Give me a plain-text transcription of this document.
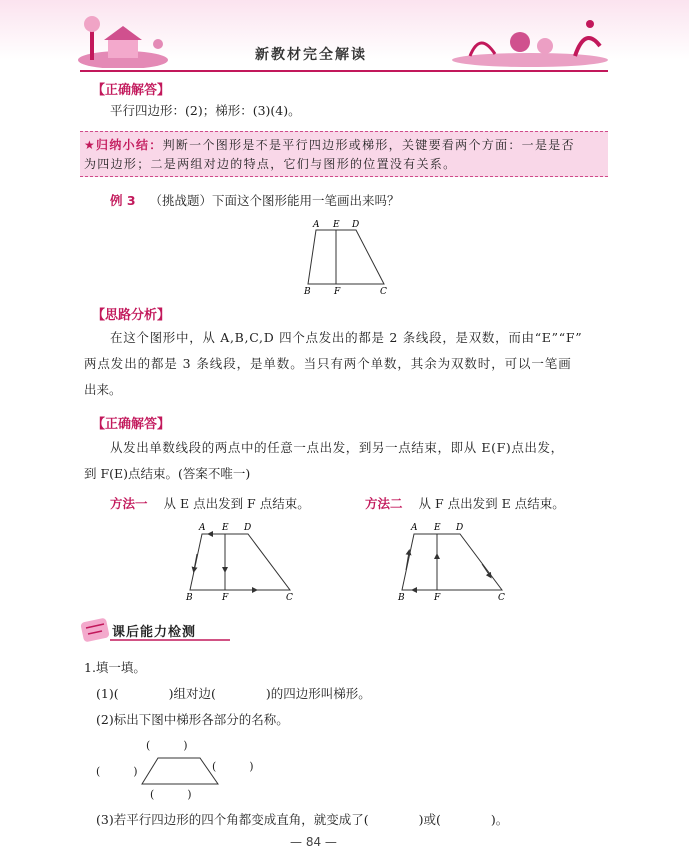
新教材完全解读
【正确解答】
平行四边形：(2)；梯形：(3)(4)。
★归纳小结：判断一个图形是不是平行四边形或梯形，关键要看两个方面：一是是否
为四边形；二是两组对边的特点，它们与图形的位置没有关系。
例 3 （挑战题）下面这个图形能用一笔画出来吗？
A E D
B	F	C
【思路分析】
在这个图形中，从 A,B,C,D 四个点发出的都是 2 条线段，是双数，而由“E”“F”
两点发出的都是 3 条线段，是单数。当只有两个单数，其余为双数时，可以一笔画
出来。
【正确解答】
从发出单数线段的两点中的任意一点出发，到另一点结束，即从 E(F)点出发，
到 F(E)点结束。(答案不唯一)
方法一 从 E 点出发到 F 点结束。	方法二 从 F 点出发到 E 点结束。
A E D
B	F	C
A E D
B	F	C
课后能力检测
1.填一填。
(1)(　　　　)组对边(　　　　)的四边形叫梯形。
(2)标出下图中梯形各部分的名称。
(　　　)
(　　　)	(　　　)
(　　　)
(3)若平行四边形的四个角都变成直角，就变成了(　　　　)或(　　　　)。
— 84 —
